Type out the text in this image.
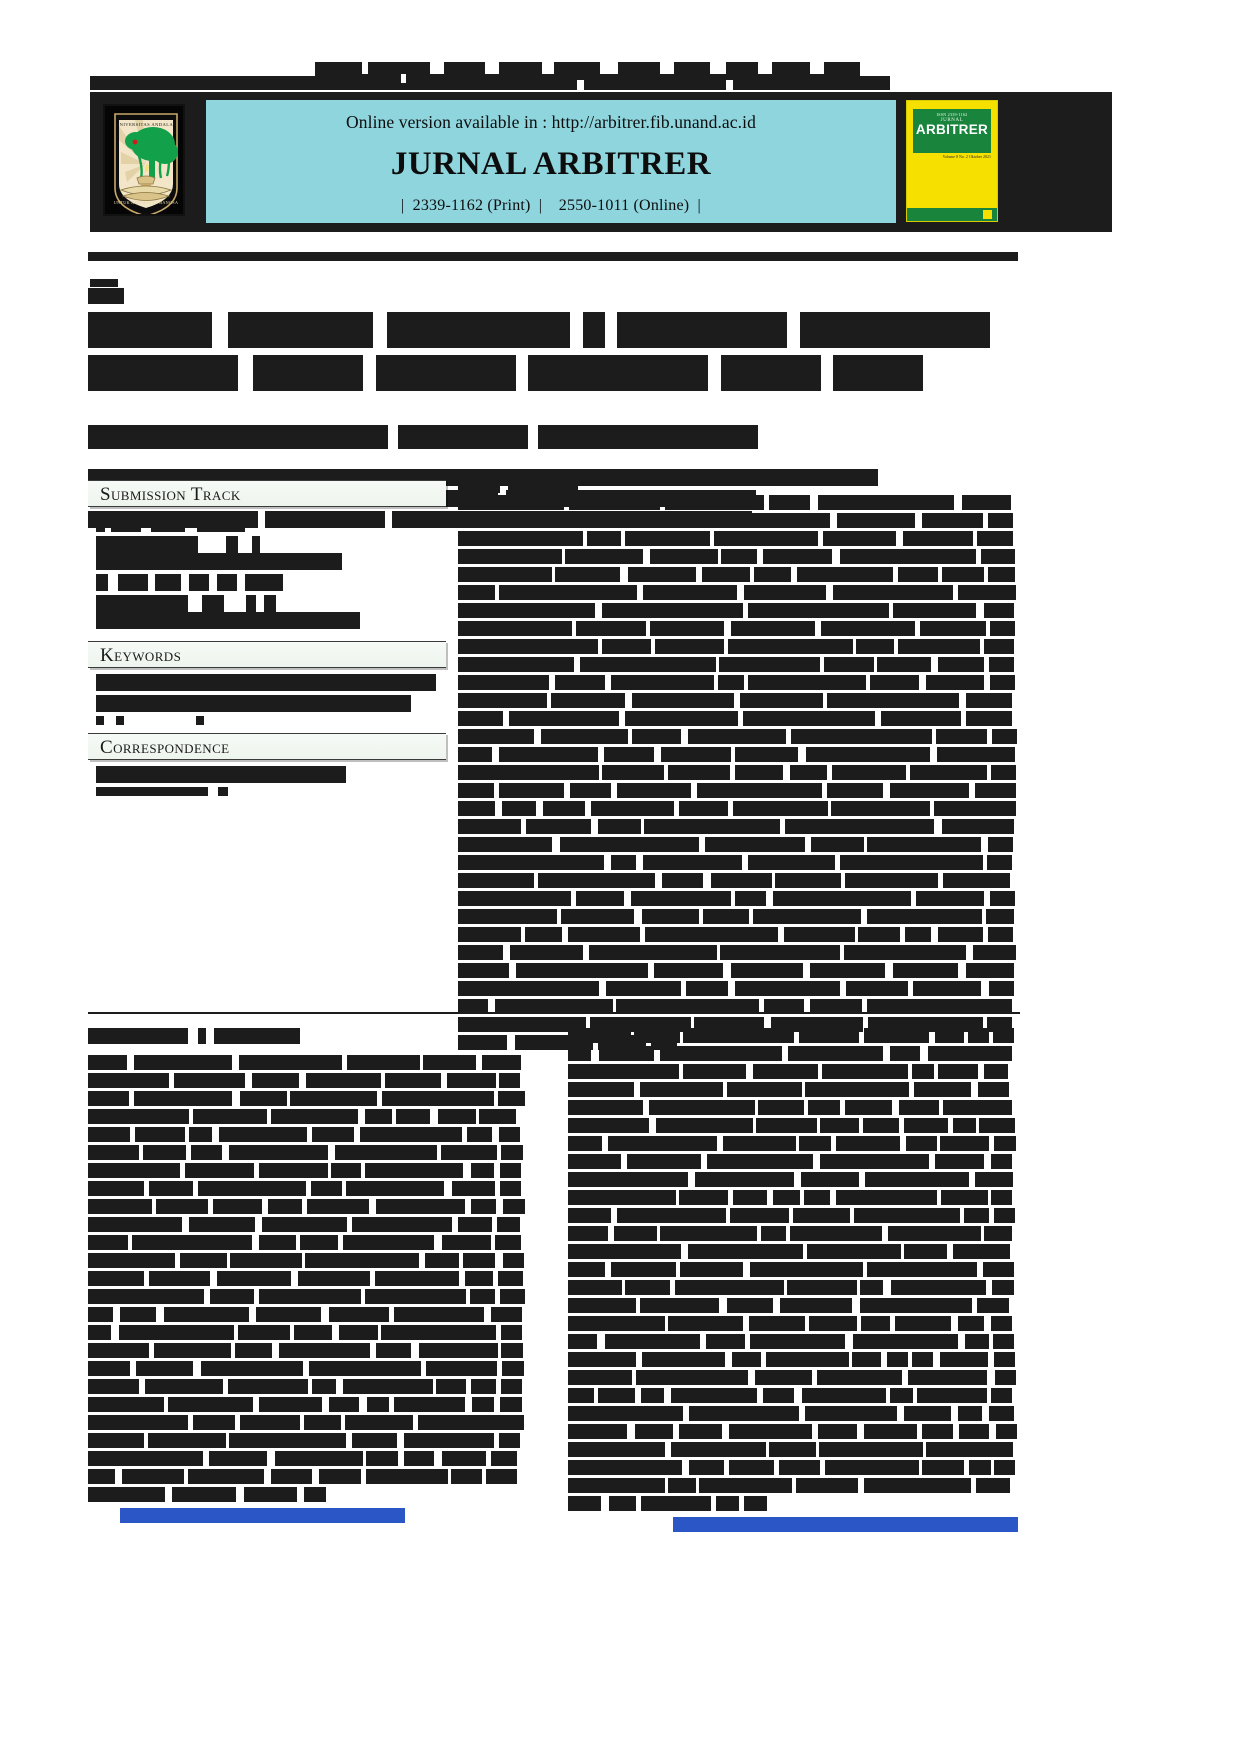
UNIVERSITAS ANDALAS
UNTUK KEDJAJAAN BANGSA
Online version available in : http://arbitrer.fib.unand.ac.id
JURNAL ARBITRER
| 2339-1162 (Print) | 2550-1011 (Online) |
ISSN 2339-1162
JURNAL
ARBITRER
Volume 8 No. 2 Oktober 2021
Submission Track
Keywords
Correspondence
